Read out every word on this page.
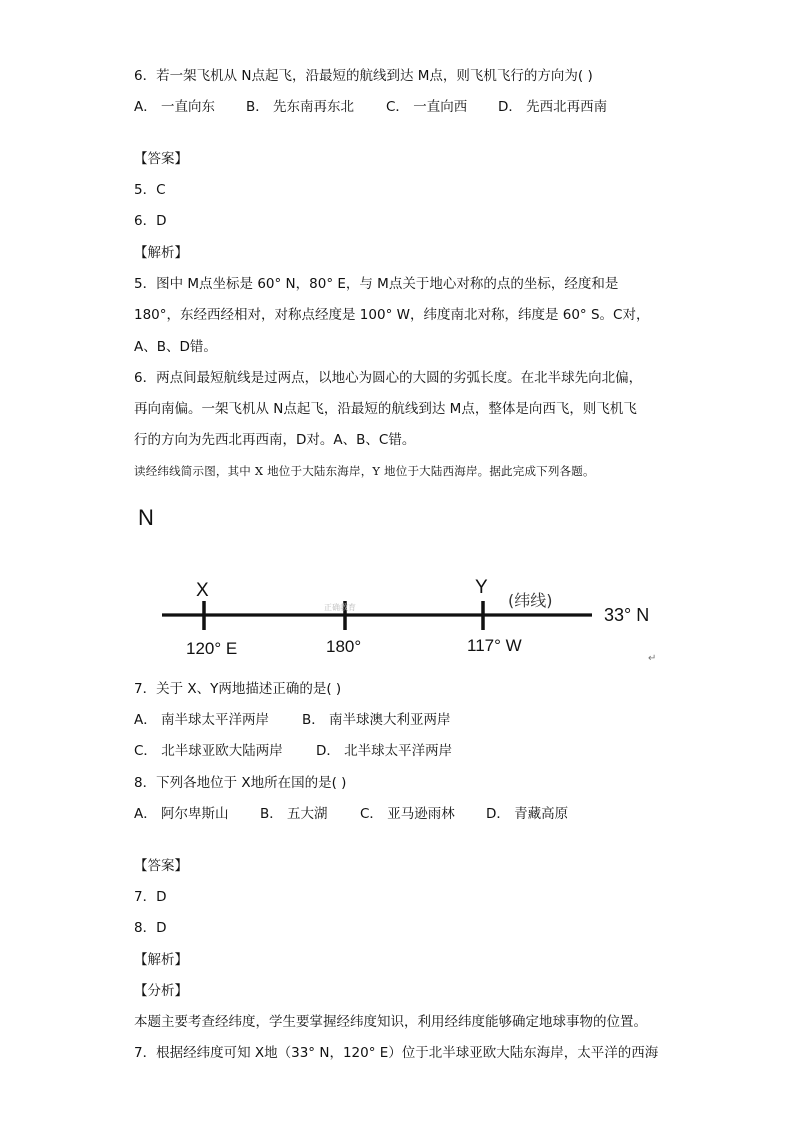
6．若一架飞机从 N点起飞，沿最短的航线到达 M点，则飞机飞行的方向为( )
A． 一直向东	B． 先东南再东北	C． 一直向西	D． 先西北再西南
【答案】
5．C
6．D
【解析】
5．图中 M点坐标是 60° N，80° E，与 M点关于地心对称的点的坐标，经度和是
180°，东经西经相对，对称点经度是 100° W，纬度南北对称，纬度是 60° S。C对，
A、B、D错。
6．两点间最短航线是过两点，以地心为圆心的大圆的劣弧长度。在北半球先向北偏，
再向南偏。一架飞机从 N点起飞，沿最短的航线到达 M点，整体是向西飞，则飞机飞
行的方向为先西北再西南，D对。A、B、C错。
读经纬线简示图，其中 X 地位于大陆东海岸，Y 地位于大陆西海岸。据此完成下列各题。
N
正确教育
X	Y
(纬线)
33° N
120° E	180°	117° W
↵
7．关于 X、Y两地描述正确的是( )
A． 南半球太平洋两岸	B． 南半球澳大利亚两岸
C． 北半球亚欧大陆两岸	D． 北半球太平洋两岸
8．下列各地位于 X地所在国的是( )
A． 阿尔卑斯山	B． 五大湖	C． 亚马逊雨林	D． 青藏高原
【答案】
7．D
8．D
【解析】
【分析】
本题主要考查经纬度，学生要掌握经纬度知识，利用经纬度能够确定地球事物的位置。
7．根据经纬度可知 X地（33° N，120° E）位于北半球亚欧大陆东海岸，太平洋的西海
